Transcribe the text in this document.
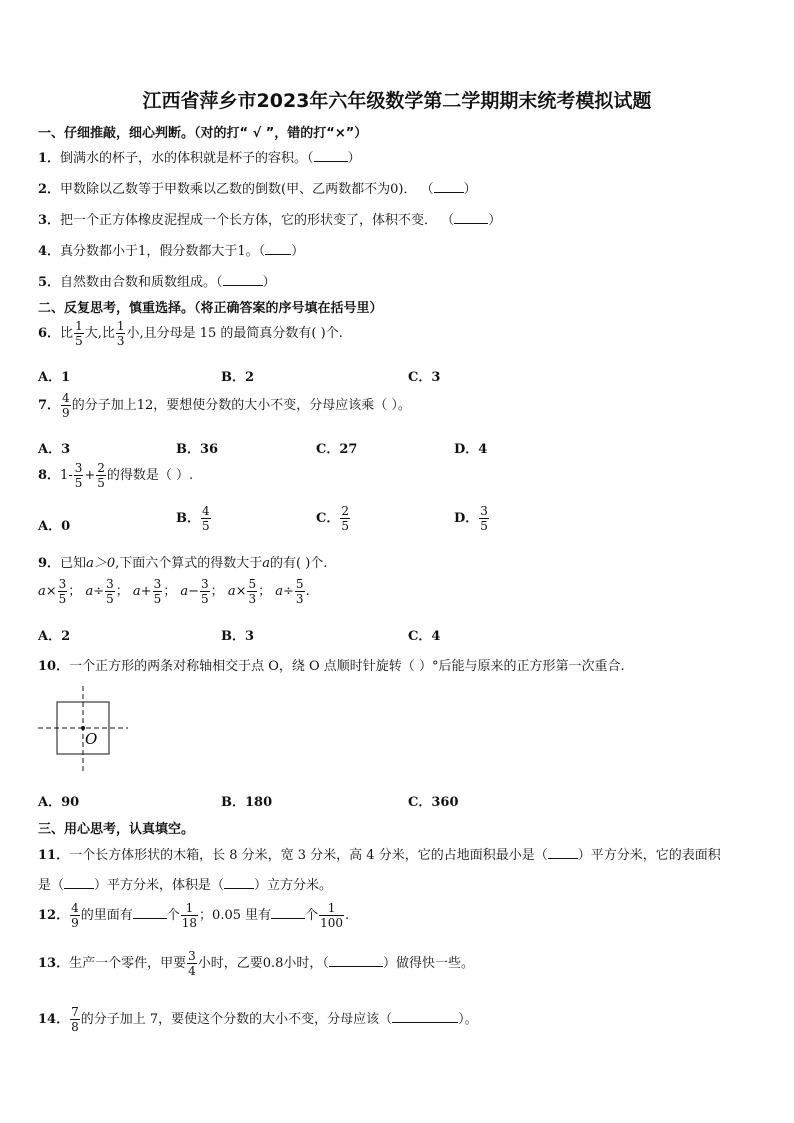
江西省萍乡市2023年六年级数学第二学期期末统考模拟试题
一、仔细推敲，细心判断。（对的打“ √ ”，错的打“×”）
1．倒满水的杯子，水的体积就是杯子的容积。（	）
2．甲数除以乙数等于甲数乘以乙数的倒数(甲、乙两数都不为0)． （ ）
3．把一个正方体橡皮泥捏成一个长方体，它的形状变了，体积不变． （	）
4．真分数都小于1，假分数都大于1。（ ）
5．自然数由合数和质数组成。（	）
二、反复思考，慎重选择。（将正确答案的序号填在括号里）
6．比 $\frac{1}{5}$ 大,比 $\frac{1}{3}$ 小,且分母是 15 的最简真分数有( )个.
A．1	B．2	C．3
7． $\frac{4}{9}$ 的分子加上12，要想使分数的大小不变，分母应该乘（ ）。
A．3	B．36	C．27	D．4
8．$1- \frac{3}{5} + \frac{2}{5}$ 的得数是（ ）.
A．0
B． $\frac{4}{5}$	C． $\frac{2}{5}$	D． $\frac{3}{5}$
9．已知a＞0,下面六个算式的得数大于a的有( )个.
$a\times \frac{3}{5}$ ； $a\div \frac{3}{5}$ ； $a+ \frac{3}{5}$ ； $a- \frac{3}{5}$ ； $a\times \frac{5}{3}$ ； $a\div \frac{5}{3}$ .
A．2	B．3	C．4
10．一个正方形的两条对称轴相交于点 O，绕 O 点顺时针旋转（ ）°后能与原来的正方形第一次重合.
O
A．90	B．180	C．360
三、用心思考，认真填空。
11．一个长方体形状的木箱，长 8 分米，宽 3 分米，高 4 分米，它的占地面积最小是（ ）平方分米，它的表面积
是（ ）平方分米，体积是（ ）立方分米。
12． $\frac{4}{9}$ 的里面有	个 $\frac{1}{18}$ ；0.05 里有	个 $\frac{1}{100}$ .
13．生产一个零件，甲要 $\frac{3}{4}$ 小时，乙要0.8小时，（	）做得快一些。
14． $\frac{7}{8}$ 的分子加上 7，要使这个分数的大小不变，分母应该（	）。
